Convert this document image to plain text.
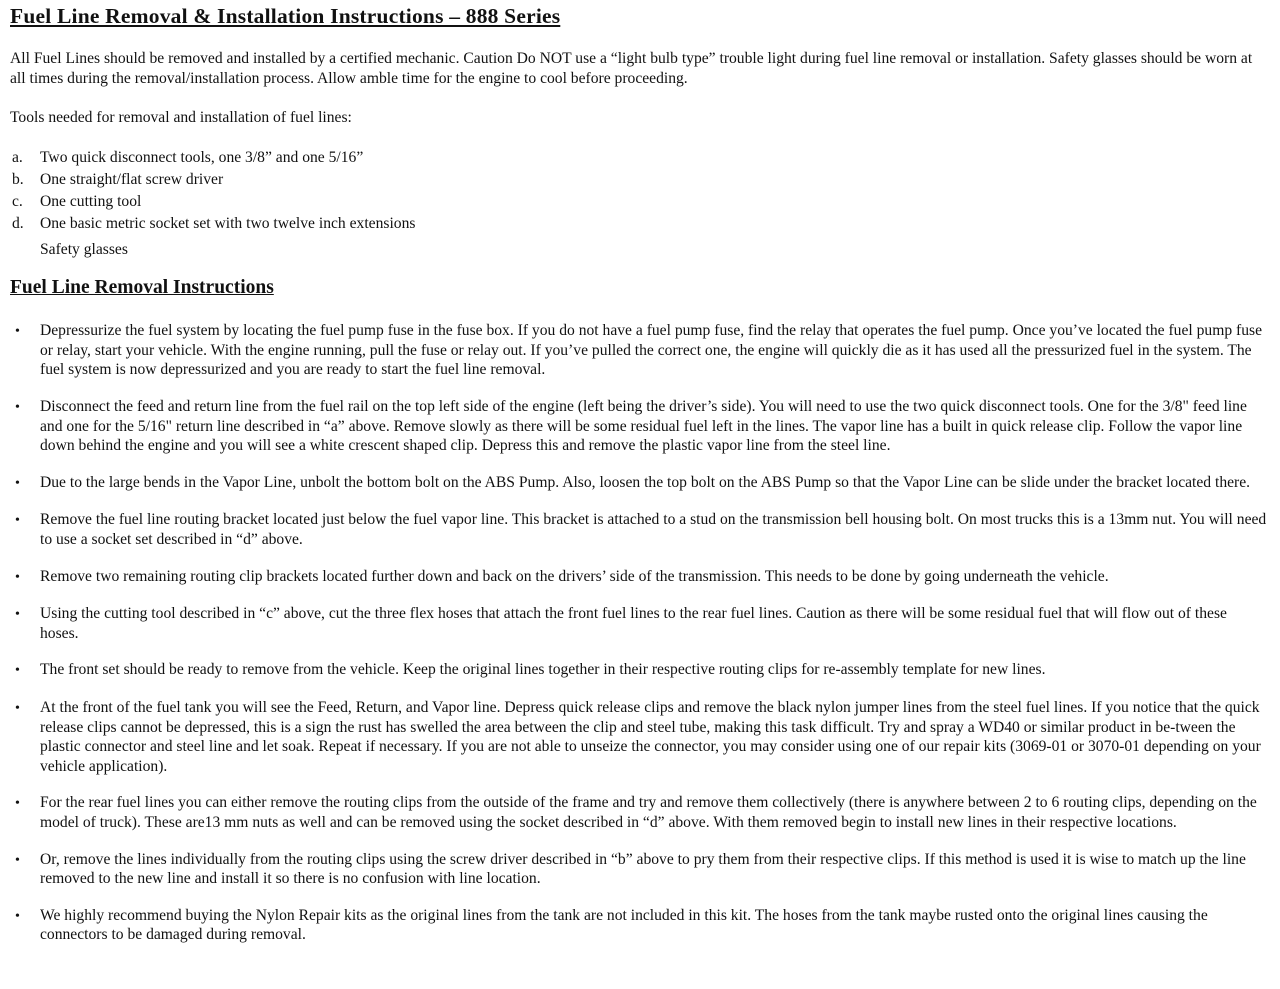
Fuel Line Removal & Installation Instructions – 888 Series

All Fuel Lines should be removed and installed by a certified mechanic. Caution Do NOT use a “light bulb type” trouble light during fuel line removal or installation. Safety glasses should be worn at all times during the removal/installation process. Allow amble time for the engine to cool before proceeding.

Tools needed for removal and installation of fuel lines:

a.	Two quick disconnect tools, one 3/8” and one 5/16”
b.	One straight/flat screw driver
c.	One cutting tool
d.	One basic metric socket set with two twelve inch extensions

Safety glasses

Fuel Line Removal Instructions
•	Depressurize the fuel system by locating the fuel pump fuse in the fuse box. If you do not have a fuel pump fuse, find the relay that operates the fuel pump. Once you’ve located the fuel pump fuse or relay, start your vehicle. With the engine running, pull the fuse or relay out. If you’ve pulled the correct one, the engine will quickly die as it has used all the pressurized fuel in the system. The fuel system is now depressurized and you are ready to start the fuel line removal.
•	Disconnect the feed and return line from the fuel rail on the top left side of the engine (left being the driver’s side). You will need to use the two quick disconnect tools. One for the 3/8" feed line and one for the 5/16" return line described in “a” above. Remove slowly as there will be some residual fuel left in the lines. The vapor line has a built in quick release clip. Follow the vapor line down behind the engine and you will see a white crescent shaped clip. Depress this and remove the plastic vapor line from the steel line.
•	Due to the large bends in the Vapor Line, unbolt the bottom bolt on the ABS Pump. Also, loosen the top bolt on the ABS Pump so that the Vapor Line can be slide under the bracket located there.
•	Remove the fuel line routing bracket located just below the fuel vapor line. This bracket is attached to a stud on the transmission bell housing bolt. On most trucks this is a 13mm nut. You will need to use a socket set described in “d” above.
•	Remove two remaining routing clip brackets located further down and back on the drivers’ side of the transmission. This needs to be done by going underneath the vehicle.
•	Using the cutting tool described in “c” above, cut the three flex hoses that attach the front fuel lines to the rear fuel lines. Caution as there will be some residual fuel that will flow out of these hoses.
•	The front set should be ready to remove from the vehicle. Keep the original lines together in their respective routing clips for re-assembly template for new lines.
•	At the front of the fuel tank you will see the Feed, Return, and Vapor line. Depress quick release clips and remove the black nylon jumper lines from the steel fuel lines. If you notice that the quick release clips cannot be depressed, this is a sign the rust has swelled the area between the clip and steel tube, making this task difficult. Try and spray a WD40 or similar product in be-tween the plastic connector and steel line and let soak. Repeat if necessary. If you are not able to unseize the connector, you may consider using one of our repair kits (3069-01 or 3070-01 depending on your vehicle application).
•	For the rear fuel lines you can either remove the routing clips from the outside of the frame and try and remove them collectively (there is anywhere between 2 to 6 routing clips, depending on the model of truck). These are13 mm nuts as well and can be removed using the socket described in “d” above. With them removed begin to install new lines in their respective locations.
•	Or, remove the lines individually from the routing clips using the screw driver described in “b” above to pry them from their respective clips. If this method is used it is wise to match up the line removed to the new line and install it so there is no confusion with line location.
•	We highly recommend buying the Nylon Repair kits as the original lines from the tank are not included in this kit. The hoses from the tank maybe rusted onto the original lines causing the connectors to be damaged during removal.
